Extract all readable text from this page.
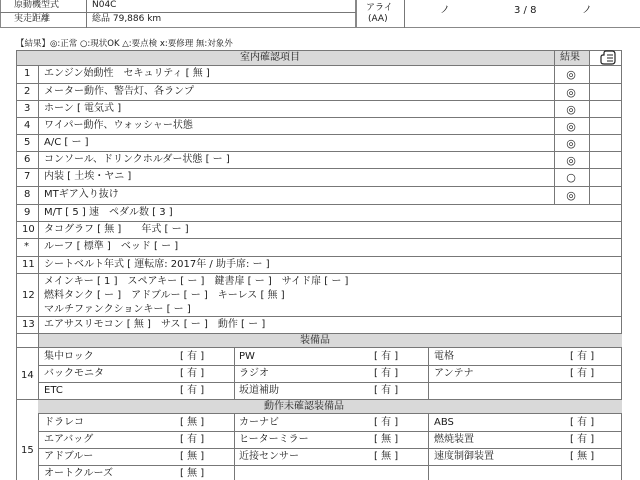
原動機型式	N04C
実走距離	総品 79,886 km
アライ
(AA)
ノ	3 / 8	ノ
【結果】◎:正常 ○:現状OK △:要点検 x:要修理 無:対象外
室内確認項目	結果
1 エンジン始動性　セキュリティ [ 無 ]	◎
2 メーター動作、警告灯、各ランプ	◎
3 ホーン [ 電気式 ]	◎
4 ワイパー動作、ウォッシャー状態	◎
5 A/C [ ー ]	◎
6 コンソール、ドリンクホルダー状態 [ ー ]	◎
7 内装 [ 土埃・ヤニ ]	○
8 MTギア入り抜け	◎
9 M/T [ 5 ] 速　ペダル数 [ 3 ]
10 タコグラフ [ 無 ]　　年式 [ ー ]
* ルーフ [ 標準 ]　ベッド [ ー ]
11 シートベルト年式 [ 運転席: 2017年 / 助手席: ー ]
12
メインキー [ 1 ]　スペアキー [ ー ]　鍵書扉 [ ー ]　サイド扉 [ ー ]
燃料タンク [ ー ]　アドブルー [ ー ]　キーレス [ 無 ]
マルチファンクションキー [ ー ]
13 エアサスリモコン [ 無 ]　サス [ ー ]　動作 [ ー ]
装備品
14
集中ロック	[ 有 ]	PW	[ 有 ]	電格	[ 有 ]
バックモニタ	[ 有 ]	ラジオ	[ 有 ]	アンテナ	[ 有 ]
ETC	[ 有 ]	坂道補助	[ 有 ]
動作未確認装備品
15
ドラレコ	[ 無 ]	カーナビ	[ 有 ]	ABS	[ 有 ]
エアバッグ	[ 有 ]	ヒーターミラー	[ 無 ]	燃焼装置	[ 有 ]
アドブルー	[ 無 ]	近接センサー	[ 無 ]	速度制御装置	[ 無 ]
オートクルーズ	[ 無 ]
